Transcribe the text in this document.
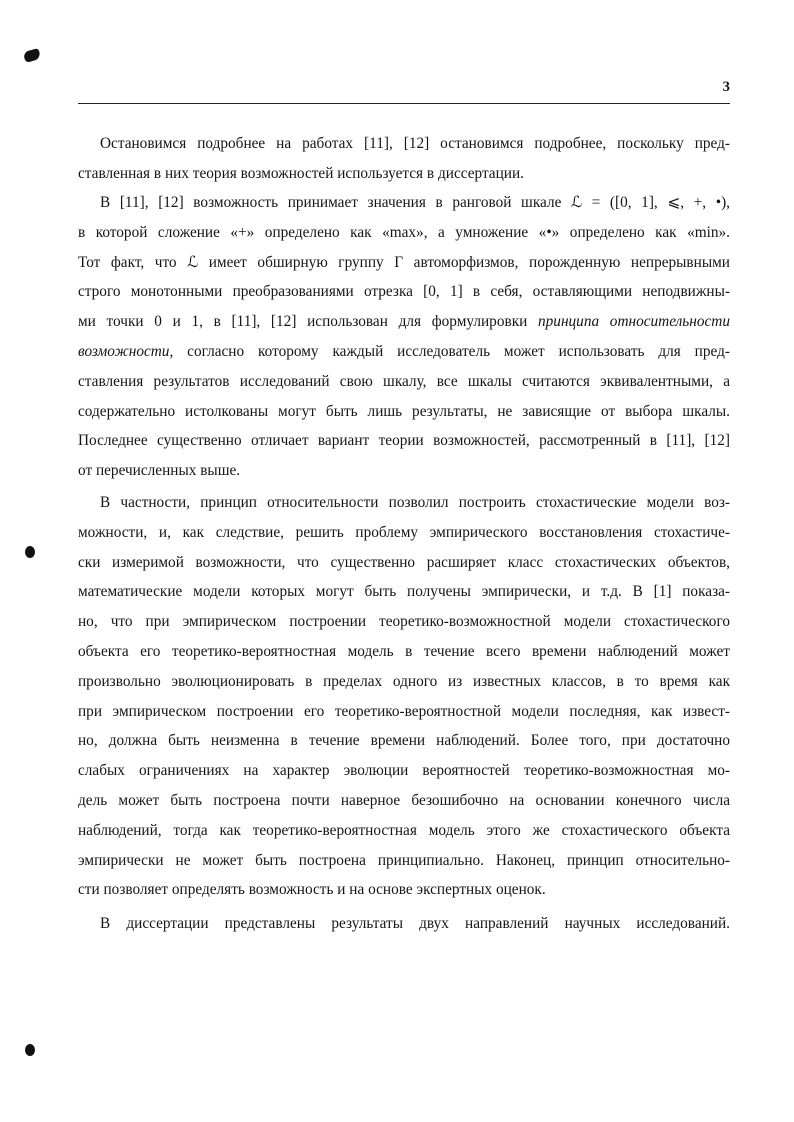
3
Остановимся подробнее на работах [11], [12] остановимся подробнее, поскольку пред-
ставленная в них теория возможностей используется в диссертации.
В [11], [12] возможность принимает значения в ранговой шкале ℒ = ([0, 1], ⩽, +, •),
в которой сложение «+» определено как «max», а умножение «•» определено как «min».
Тот факт, что ℒ имеет обширную группу Γ автоморфизмов, порожденную непрерывными
строго монотонными преобразованиями отрезка [0, 1] в себя, оставляющими неподвижны-
ми точки 0 и 1, в [11], [12] использован для формулировки принципа относительности
возможности, согласно которому каждый исследователь может использовать для пред-
ставления результатов исследований свою шкалу, все шкалы считаются эквивалентными, а
содержательно истолкованы могут быть лишь результаты, не зависящие от выбора шкалы.
Последнее существенно отличает вариант теории возможностей, рассмотренный в [11], [12]
от перечисленных выше.
В частности, принцип относительности позволил построить стохастические модели воз-
можности, и, как следствие, решить проблему эмпирического восстановления стохастиче-
ски измеримой возможности, что существенно расширяет класс стохастических объектов,
математические модели которых могут быть получены эмпирически, и т.д. В [1] показа-
но, что при эмпирическом построении теоретико-возможностной модели стохастического
объекта его теоретико-вероятностная модель в течение всего времени наблюдений может
произвольно эволюционировать в пределах одного из известных классов, в то время как
при эмпирическом построении его теоретико-вероятностной модели последняя, как извест-
но, должна быть неизменна в течение времени наблюдений. Более того, при достаточно
слабых ограничениях на характер эволюции вероятностей теоретико-возможностная мо-
дель может быть построена почти наверное безошибочно на основании конечного числа
наблюдений, тогда как теоретико-вероятностная модель этого же стохастического объекта
эмпирически не может быть построена принципиально. Наконец, принцип относительно-
сти позволяет определять возможность и на основе экспертных оценок.
В диссертации представлены результаты двух направлений научных исследований.
